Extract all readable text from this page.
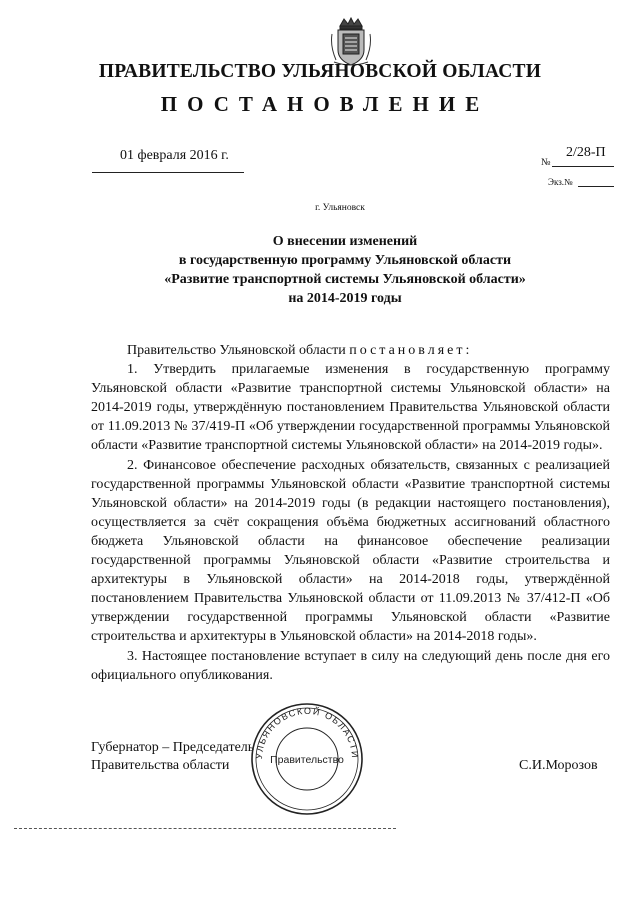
ПРАВИТЕЛЬСТВО УЛЬЯНОВСКОЙ ОБЛАСТИ
ПОСТАНОВЛЕНИЕ
01 февраля 2016 г.	№
2/28-П
Экз.№
г. Ульяновск
О внесении изменений
в государственную программу Ульяновской области
«Развитие транспортной системы Ульяновской области»
на 2014-2019 годы

Правительство Ульяновской области постановляет:

1. Утвердить прилагаемые изменения в государственную программу Ульяновской области «Развитие транспортной системы Ульяновской области» на 2014-2019 годы, утверждённую постановлением Правительства Ульяновской области от 11.09.2013 № 37/419-П «Об утверждении государственной программы Ульяновской области «Развитие транспортной системы Ульяновской области» на 2014-2019 годы».

2. Финансовое обеспечение расходных обязательств, связанных с реализацией государственной программы Ульяновской области «Развитие транспортной системы Ульяновской области» на 2014-2019 годы (в редакции настоящего постановления), осуществляется за счёт сокращения объёма бюджетных ассигнований областного бюджета Ульяновской области на финансовое обеспечение реализации государственной программы Ульяновской области «Развитие строительства и архитектуры в Ульяновской области» на 2014-2018 годы, утверждённой постановлением Правительства Ульяновской области от 11.09.2013 № 37/412-П «Об утверждении государственной программы Ульяновской области «Развитие строительства и архитектуры в Ульяновской области» на 2014-2018 годы».

3. Настоящее постановление вступает в силу на следующий день после дня его официального опубликования.

Губернатор – Председатель
Правительства области	С.И.Морозов
УЛЬЯНОВСКОЙ ОБЛАСТИ
Правительство
